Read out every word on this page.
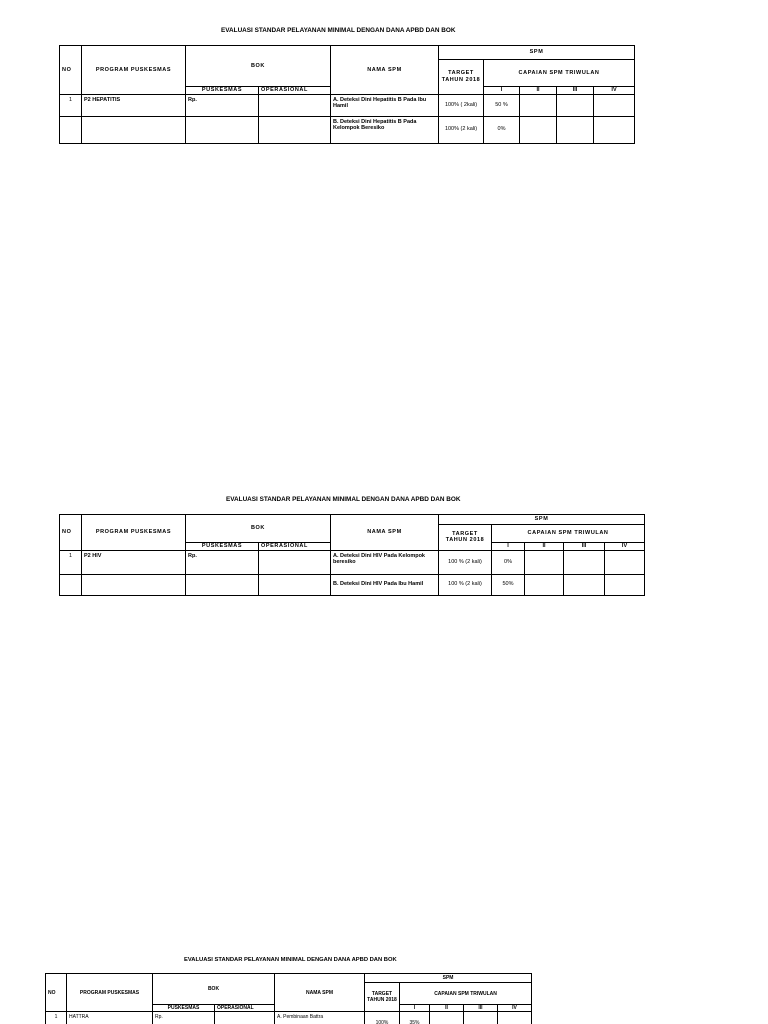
EVALUASI STANDAR PELAYANAN MINIMAL DENGAN DANA APBD DAN BOK
NO	PROGRAM PUSKESMAS	BOK		NAMA SPM	SPM				
					TARGET TAHUN 2018	CAPAIAN SPM TRIWULAN			
		PUSKESMAS	OPERASIONAL			I	II	III	IV
1	P2 HEPATITIS	Rp.		A. Deteksi Dini Hepatitis B Pada Ibu Hamil	100% ( 2kali)	50 %			
				B. Deteksi Dini Hepatitis B Pada Kelompok Beresiko	100% (2 kali)	0%			
EVALUASI STANDAR PELAYANAN MINIMAL DENGAN DANA APBD DAN BOK
NO	PROGRAM PUSKESMAS	BOK		NAMA SPM	SPM				
					TARGET TAHUN 2018	CAPAIAN SPM TRIWULAN			
		PUSKESMAS	OPERASIONAL			I	II	III	IV
1	P2 HIV	Rp.		A. Deteksi Dini HIV Pada Kelompok beresiko	100 % (2 kali)	0%			
				B. Deteksi Dini HIV Pada Ibu Hamil	100 % (2 kali)	50%			
EVALUASI STANDAR PELAYANAN MINIMAL DENGAN DANA APBD DAN BOK
NO	PROGRAM PUSKESMAS	BOK		NAMA SPM	SPM				
					TARGET TAHUN 2018	CAPAIAN SPM TRIWULAN			
		PUSKESMAS	OPERASIONAL			I	II	III	IV
1	HATTRA	Rp.		A. Pembinaan Battra	100%	35%			
